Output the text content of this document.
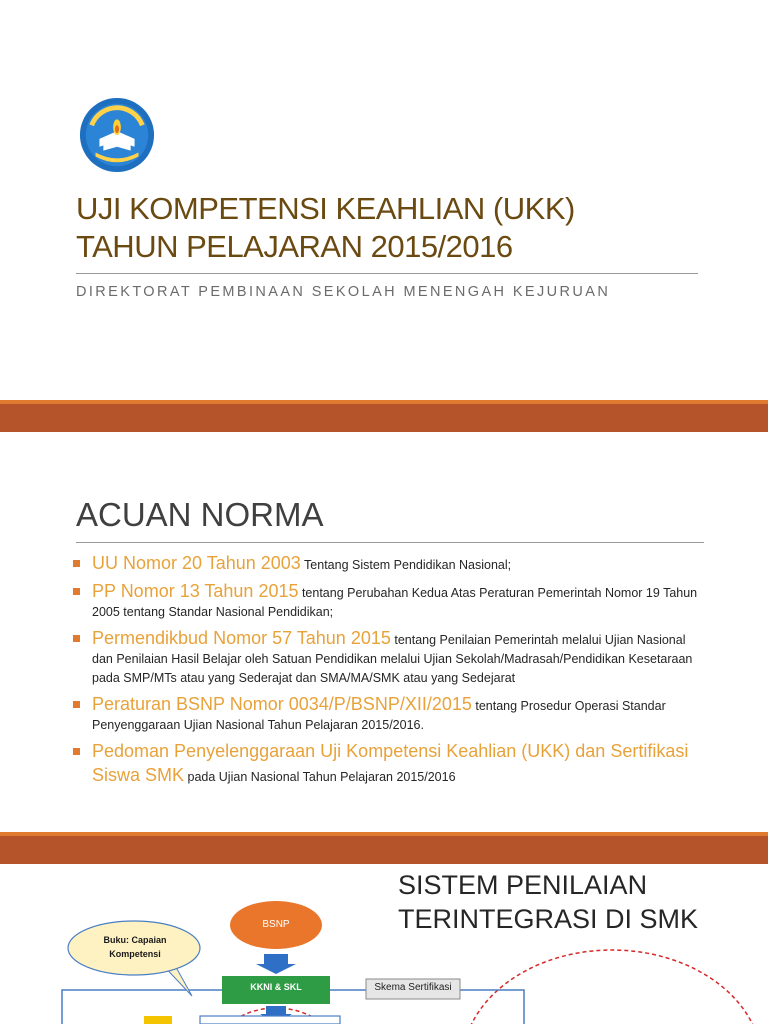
UJI KOMPETENSI KEAHLIAN (UKK)
TAHUN PELAJARAN 2015/2016
DIREKTORAT PEMBINAAN SEKOLAH MENENGAH KEJURUAN
ACUAN NORMA
UU Nomor 20 Tahun 2003 Tentang Sistem Pendidikan Nasional;
PP Nomor 13 Tahun 2015 tentang Perubahan Kedua Atas Peraturan Pemerintah Nomor 19 Tahun 2005 tentang Standar Nasional Pendidikan;
Permendikbud Nomor 57 Tahun 2015 tentang Penilaian Pemerintah melalui Ujian Nasional dan Penilaian Hasil Belajar oleh Satuan Pendidikan melalui Ujian Sekolah/Madrasah/Pendidikan Kesetaraan pada SMP/MTs atau yang Sederajat dan SMA/MA/SMK atau yang Sedejarat
Peraturan BSNP Nomor 0034/P/BSNP/XII/2015 tentang Prosedur Operasi Standar Penyenggaraan Ujian Nasional Tahun Pelajaran 2015/2016.
Pedoman Penyelenggaraan Uji Kompetensi Keahlian (UKK) dan Sertifikasi Siswa SMK pada Ujian Nasional Tahun Pelajaran 2015/2016
SISTEM PENILAIAN
TERINTEGRASI DI SMK
Buku: Capaian Kompetensi
BSNP
KKNI & SKL	Skema Sertifikasi
